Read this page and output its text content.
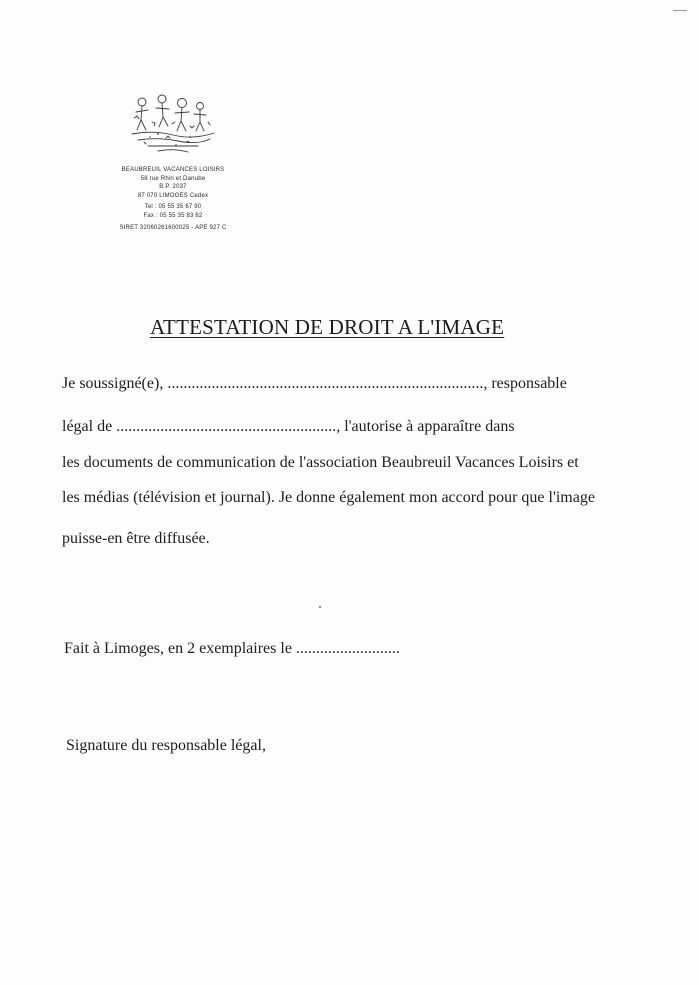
BEAUBREUIL VACANCES LOISIRS
58 rue Rhin et Danube
B.P. 2037
87 070 LIMOGES Cedex
Tel : 05 55 35 67 90
Fax : 05 55 35 83 62
SIRET 32060261600025 - APE 927 C
ATTESTATION DE DROIT A L'IMAGE
Je soussigné(e), ..............................................................................., responsable
légal de ......................................................., l'autorise à apparaître dans
les documents de communication de l'association Beaubreuil Vacances Loisirs et
les médias (télévision et journal). Je donne également mon accord pour que l'image
puisse-en être diffusée.
Fait à Limoges, en 2 exemplaires le ..........................
Signature du responsable légal,
